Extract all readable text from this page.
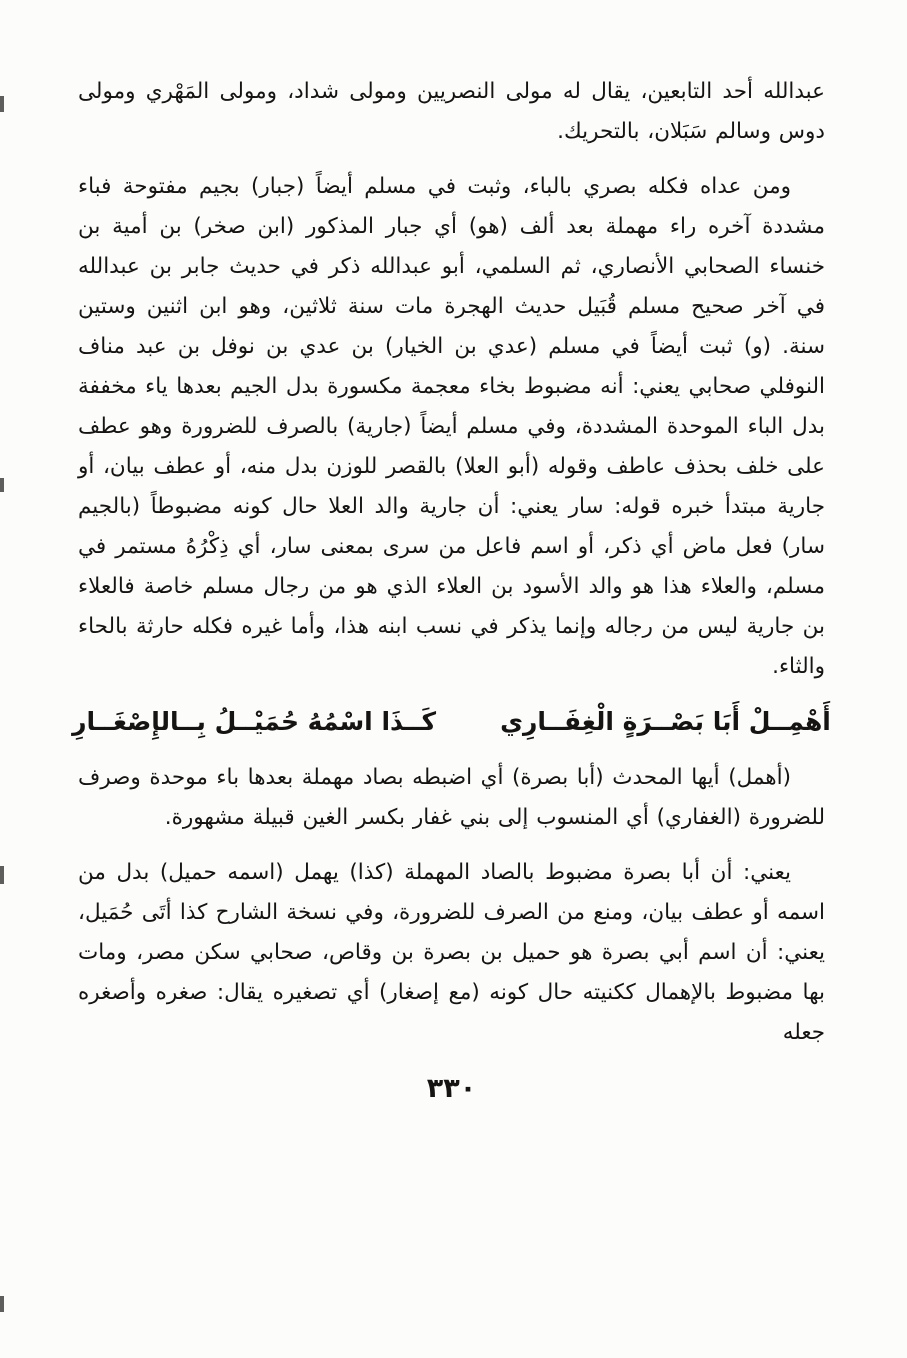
عبدالله أحد التابعين، يقال له مولى النصريين ومولى شداد، ومولى المَهْري ومولى دوس وسالم سَبَلان، بالتحريك.

ومن عداه فكله بصري بالباء، وثبت في مسلم أيضاً (جبار) بجيم مفتوحة فباء مشددة آخره راء مهملة بعد ألف (هو) أي جبار المذكور (ابن صخر) بن أمية بن خنساء الصحابي الأنصاري، ثم السلمي، أبو عبدالله ذكر في حديث جابر بن عبدالله في آخر صحيح مسلم قُبَيل حديث الهجرة مات سنة ثلاثين، وهو ابن اثنين وستين سنة. (و) ثبت أيضاً في مسلم (عدي بن الخيار) بن عدي بن نوفل بن عبد مناف النوفلي صحابي يعني: أنه مضبوط بخاء معجمة مكسورة بدل الجيم بعدها ياء مخففة بدل الباء الموحدة المشددة، وفي مسلم أيضاً (جارية) بالصرف للضرورة وهو عطف على خلف بحذف عاطف وقوله (أبو العلا) بالقصر للوزن بدل منه، أو عطف بيان، أو جارية مبتدأ خبره قوله: سار يعني: أن جارية والد العلا حال كونه مضبوطاً (بالجيم سار) فعل ماض أي ذكر، أو اسم فاعل من سرى بمعنى سار، أي ذِكْرُهُ مستمر في مسلم، والعلاء هذا هو والد الأسود بن العلاء الذي هو من رجال مسلم خاصة فالعلاء بن جارية ليس من رجاله وإنما يذكر في نسب ابنه هذا، وأما غيره فكله حارثة بالحاء والثاء.

أَهْمِــلْ أَبَا بَصْــرَةٍ الْغِفَــارِي
كَــذَا اسْمُهُ حُمَيْــلُ بِــالإِصْغَــارِ

(أهمل) أيها المحدث (أبا بصرة) أي اضبطه بصاد مهملة بعدها باء موحدة وصرف للضرورة (الغفاري) أي المنسوب إلى بني غفار بكسر الغين قبيلة مشهورة.

يعني: أن أبا بصرة مضبوط بالصاد المهملة (كذا) يهمل (اسمه حميل) بدل من اسمه أو عطف بيان، ومنع من الصرف للضرورة، وفي نسخة الشارح كذا أتَى حُمَيل، يعني: أن اسم أبي بصرة هو حميل بن بصرة بن وقاص، صحابي سكن مصر، ومات بها مضبوط بالإهمال ككنيته حال كونه (مع إصغار) أي تصغيره يقال: صغره وأصغره جعله

٣٣٠
